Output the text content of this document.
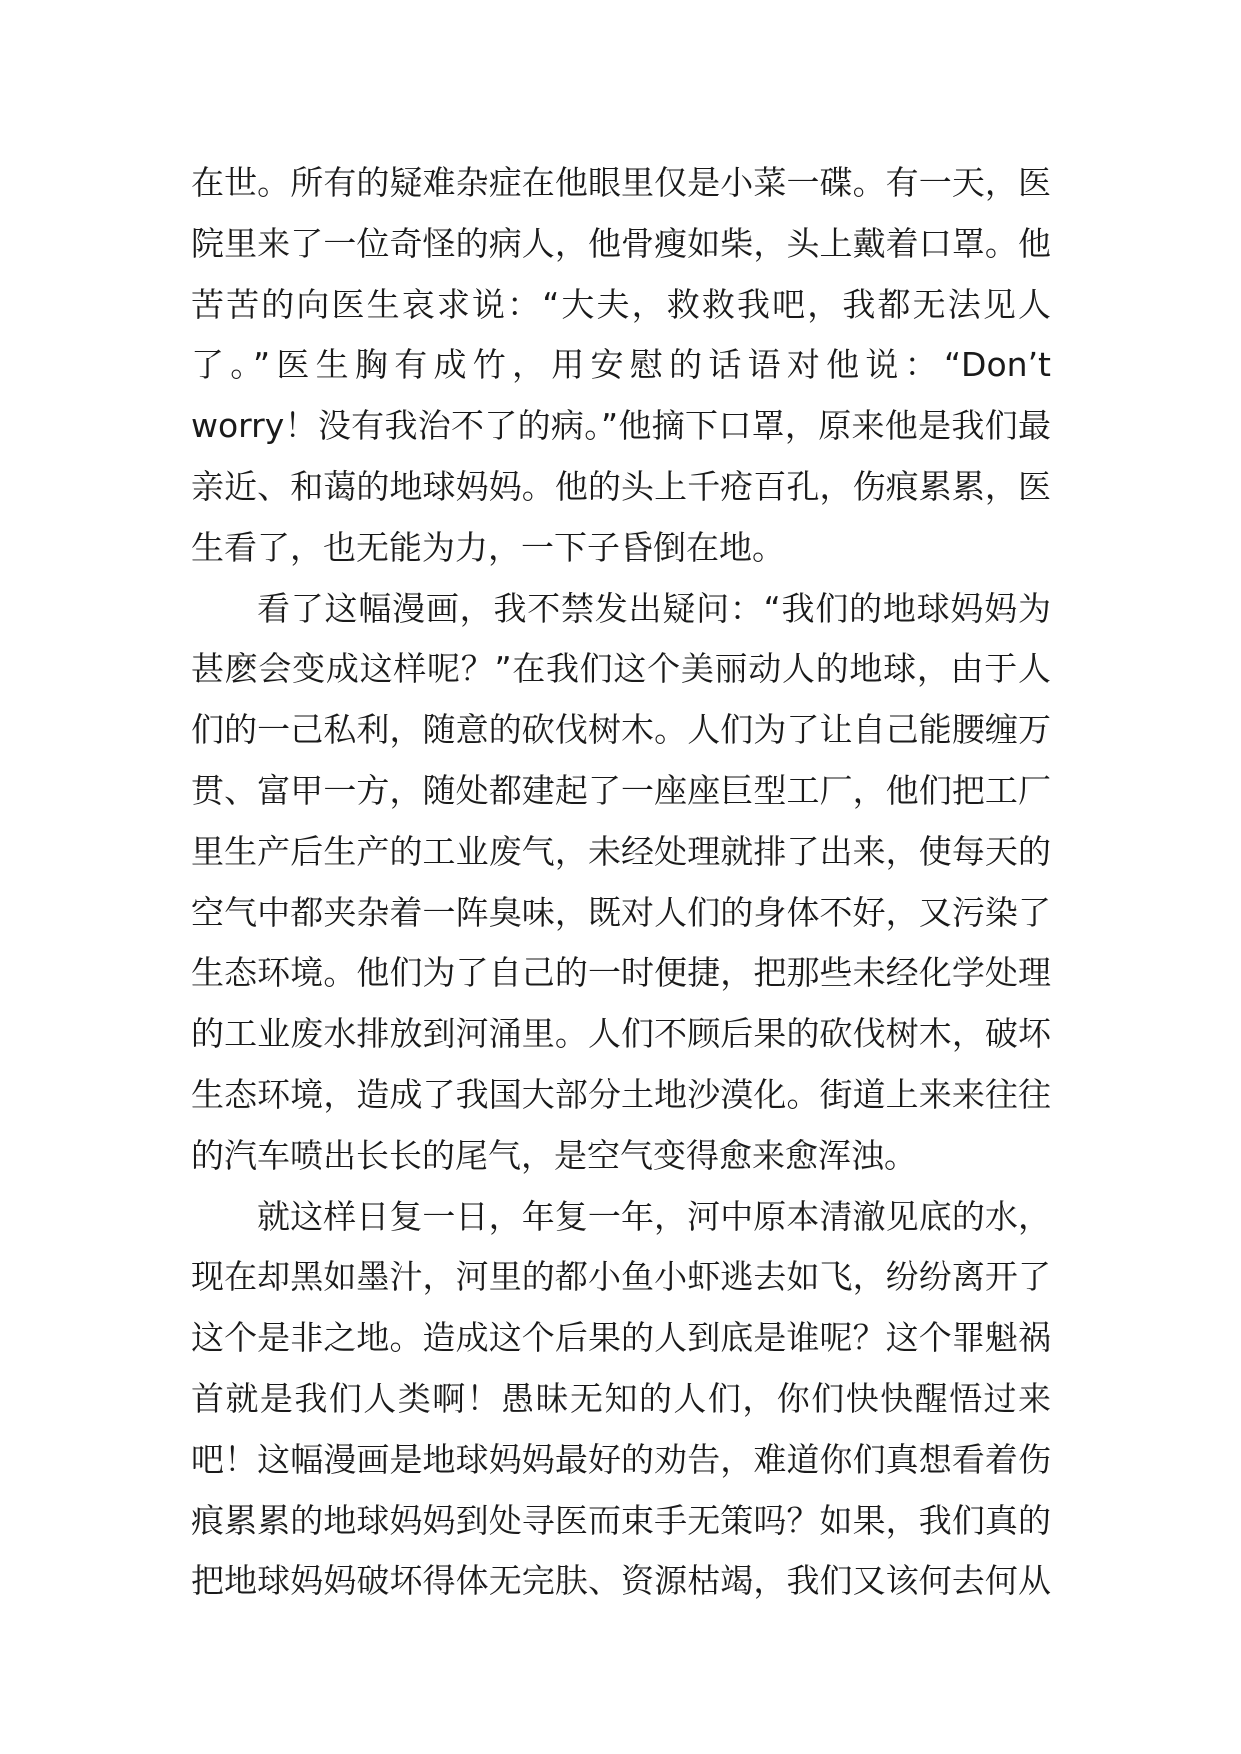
在世。所有的疑难杂症在他眼里仅是小菜一碟。有一天，医
院里来了一位奇怪的病人，他骨瘦如柴，头上戴着口罩。他
苦苦的向医生哀求说：“大夫，救救我吧，我都无法见人
了。”医生胸有成竹，用安慰的话语对他说：“Don’t
worry！没有我治不了的病。”他摘下口罩，原来他是我们最
亲近、和蔼的地球妈妈。他的头上千疮百孔，伤痕累累，医
生看了，也无能为力，一下子昏倒在地。
看了这幅漫画，我不禁发出疑问：“我们的地球妈妈为
甚麽会变成这样呢？”在我们这个美丽动人的地球，由于人
们的一己私利，随意的砍伐树木。人们为了让自己能腰缠万
贯、富甲一方，随处都建起了一座座巨型工厂，他们把工厂
里生产后生产的工业废气，未经处理就排了出来，使每天的
空气中都夹杂着一阵臭味，既对人们的身体不好，又污染了
生态环境。他们为了自己的一时便捷，把那些未经化学处理
的工业废水排放到河涌里。人们不顾后果的砍伐树木，破坏
生态环境，造成了我国大部分土地沙漠化。街道上来来往往
的汽车喷出长长的尾气，是空气变得愈来愈浑浊。
就这样日复一日，年复一年，河中原本清澈见底的水，
现在却黑如墨汁，河里的都小鱼小虾逃去如飞，纷纷离开了
这个是非之地。造成这个后果的人到底是谁呢？这个罪魁祸
首就是我们人类啊！愚昧无知的人们，你们快快醒悟过来
吧！这幅漫画是地球妈妈最好的劝告，难道你们真想看着伤
痕累累的地球妈妈到处寻医而束手无策吗？如果，我们真的
把地球妈妈破坏得体无完肤、资源枯竭，我们又该何去何从
